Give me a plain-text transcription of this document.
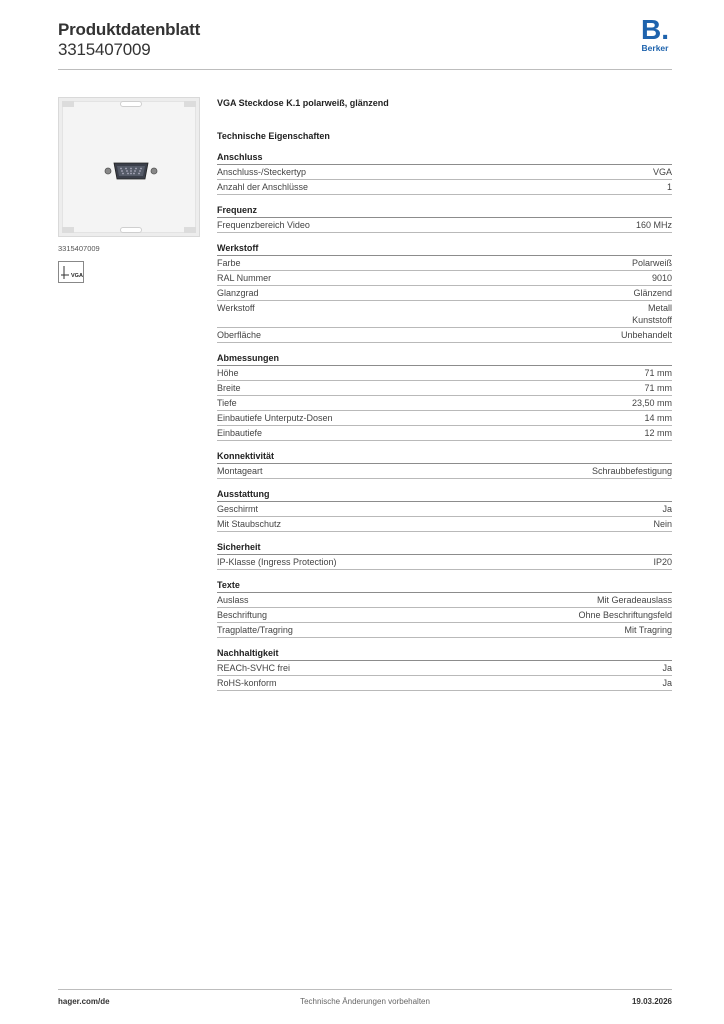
Produktdatenblatt
3315407009
B.
Berker
3315407009
VGA
VGA Steckdose K.1 polarweiß, glänzend
Technische Eigenschaften
Anschluss
Anschluss-/Steckertyp	VGA
Anzahl der Anschlüsse	1
Frequenz
Frequenzbereich Video	160 MHz
Werkstoff
Farbe	Polarweiß
RAL Nummer	9010
Glanzgrad	Glänzend
Werkstoff	Metall
Kunststoff
Oberfläche	Unbehandelt
Abmessungen
Höhe	71 mm
Breite	71 mm
Tiefe	23,50 mm
Einbautiefe Unterputz-Dosen	14 mm
Einbautiefe	12 mm
Konnektivität
Montageart	Schraubbefestigung
Ausstattung
Geschirmt	Ja
Mit Staubschutz	Nein
Sicherheit
IP-Klasse (Ingress Protection)	IP20
Texte
Auslass	Mit Geradeauslass
Beschriftung	Ohne Beschriftungsfeld
Tragplatte/Tragring	Mit Tragring
Nachhaltigkeit
REACh-SVHC frei	Ja
RoHS-konform	Ja
hager.com/de	Technische Änderungen vorbehalten	19.03.2026
